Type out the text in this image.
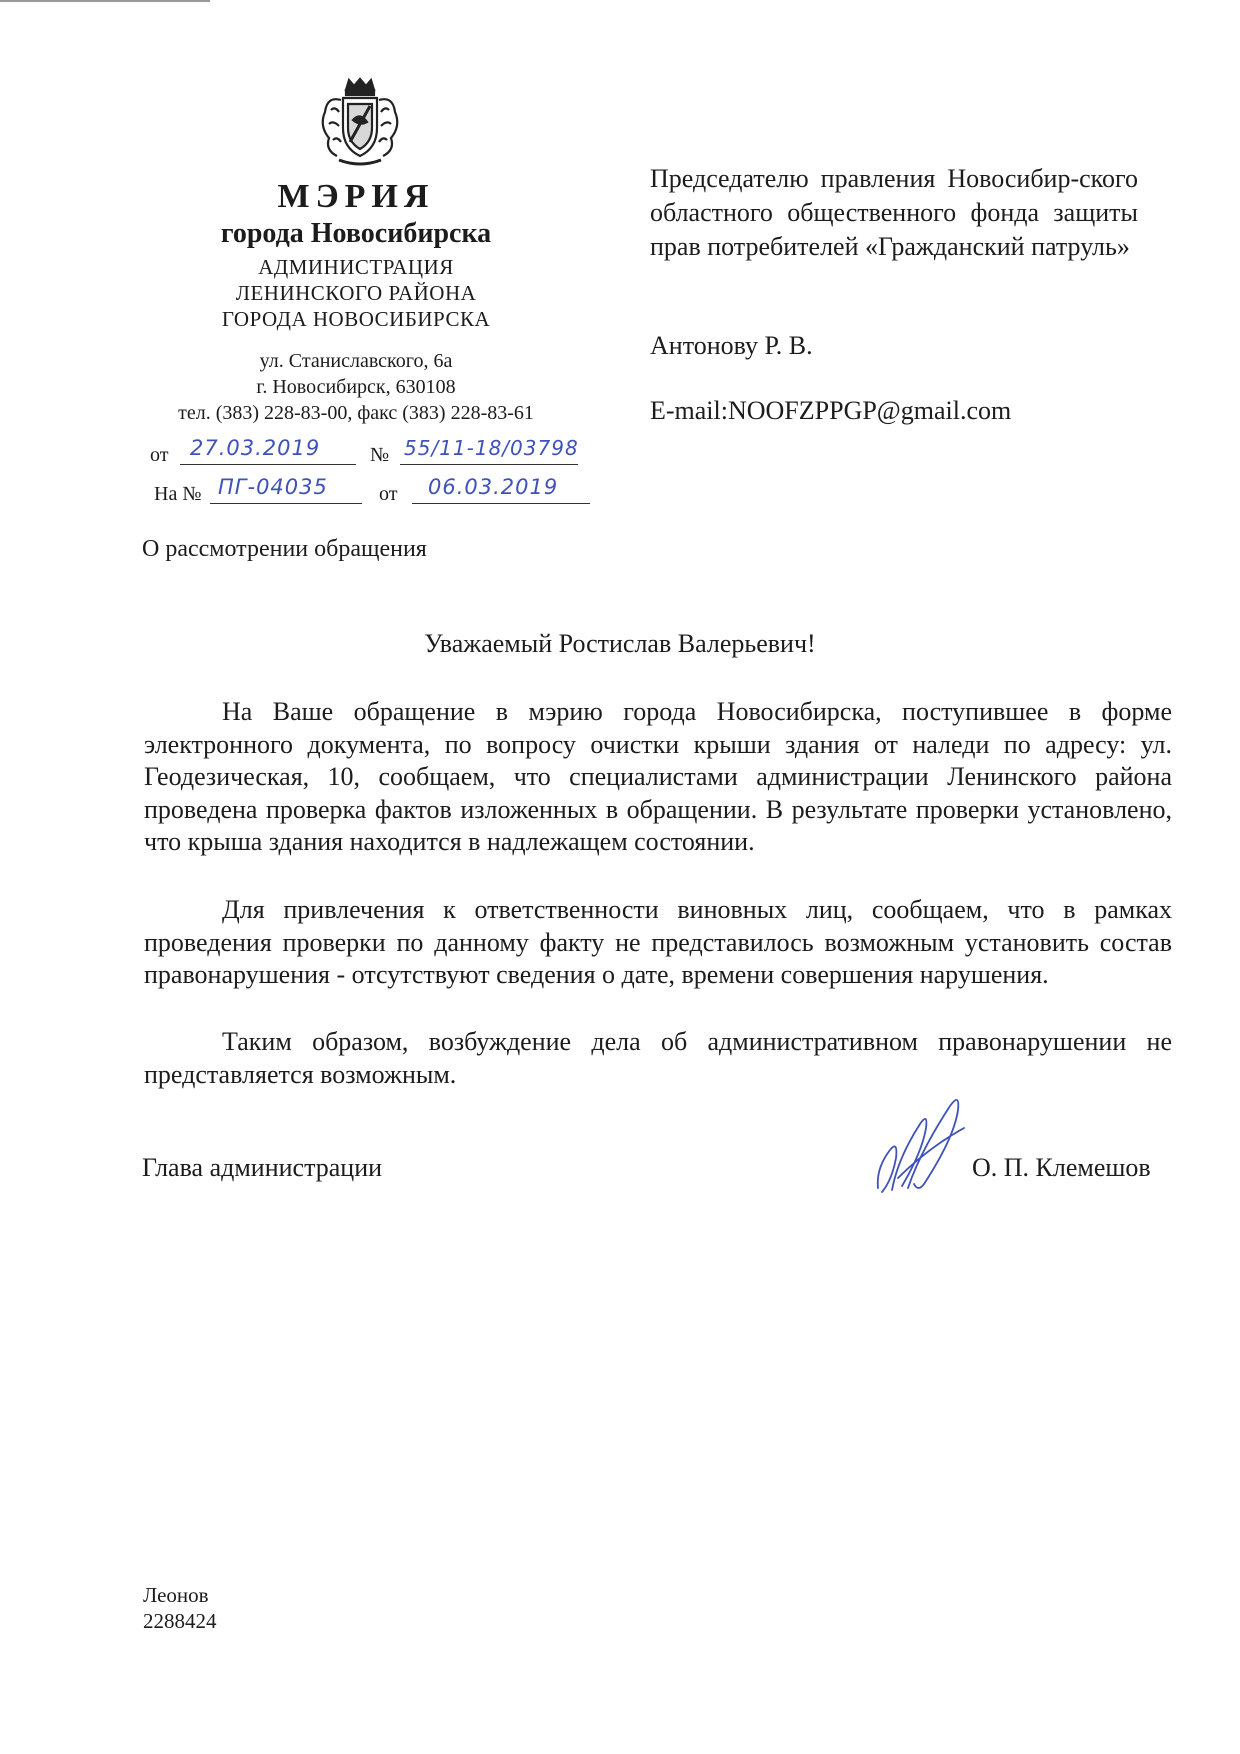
МЭРИЯ
города Новосибирска
АДМИНИСТРАЦИЯ
ЛЕНИНСКОГО РАЙОНА
ГОРОДА НОВОСИБИРСКА
ул. Станиславского, 6а
г. Новосибирск, 630108
тел. (383) 228-83-00, факс (383) 228-83-61
от 27.03.2019 № 55/11-18/03798
На № ПГ-04035	от 06.03.2019
Председателю правления Новосибир-ского областного общественного фонда защиты прав потребителей «Гражданский патруль»
Антонову Р. В.
E-mail:NOOFZPPGP@gmail.com
О рассмотрении обращения
Уважаемый Ростислав Валерьевич!

На Ваше обращение в мэрию города Новосибирска, поступившее в форме электронного документа, по вопросу очистки крыши здания от наледи по адресу: ул. Геодезическая, 10, сообщаем, что специалистами администрации Ленинского района проведена проверка фактов изложенных в обращении. В результате проверки установлено, что крыша здания находится в надлежащем состоянии.

Для привлечения к ответственности виновных лиц, сообщаем, что в рамках проведения проверки по данному факту не представилось возможным установить состав правонарушения - отсутствуют сведения о дате, времени совершения нарушения.

Таким образом, возбуждение дела об административном правонарушении не представляется возможным.

Глава администрации	О. П. Клемешов
Леонов
2288424
